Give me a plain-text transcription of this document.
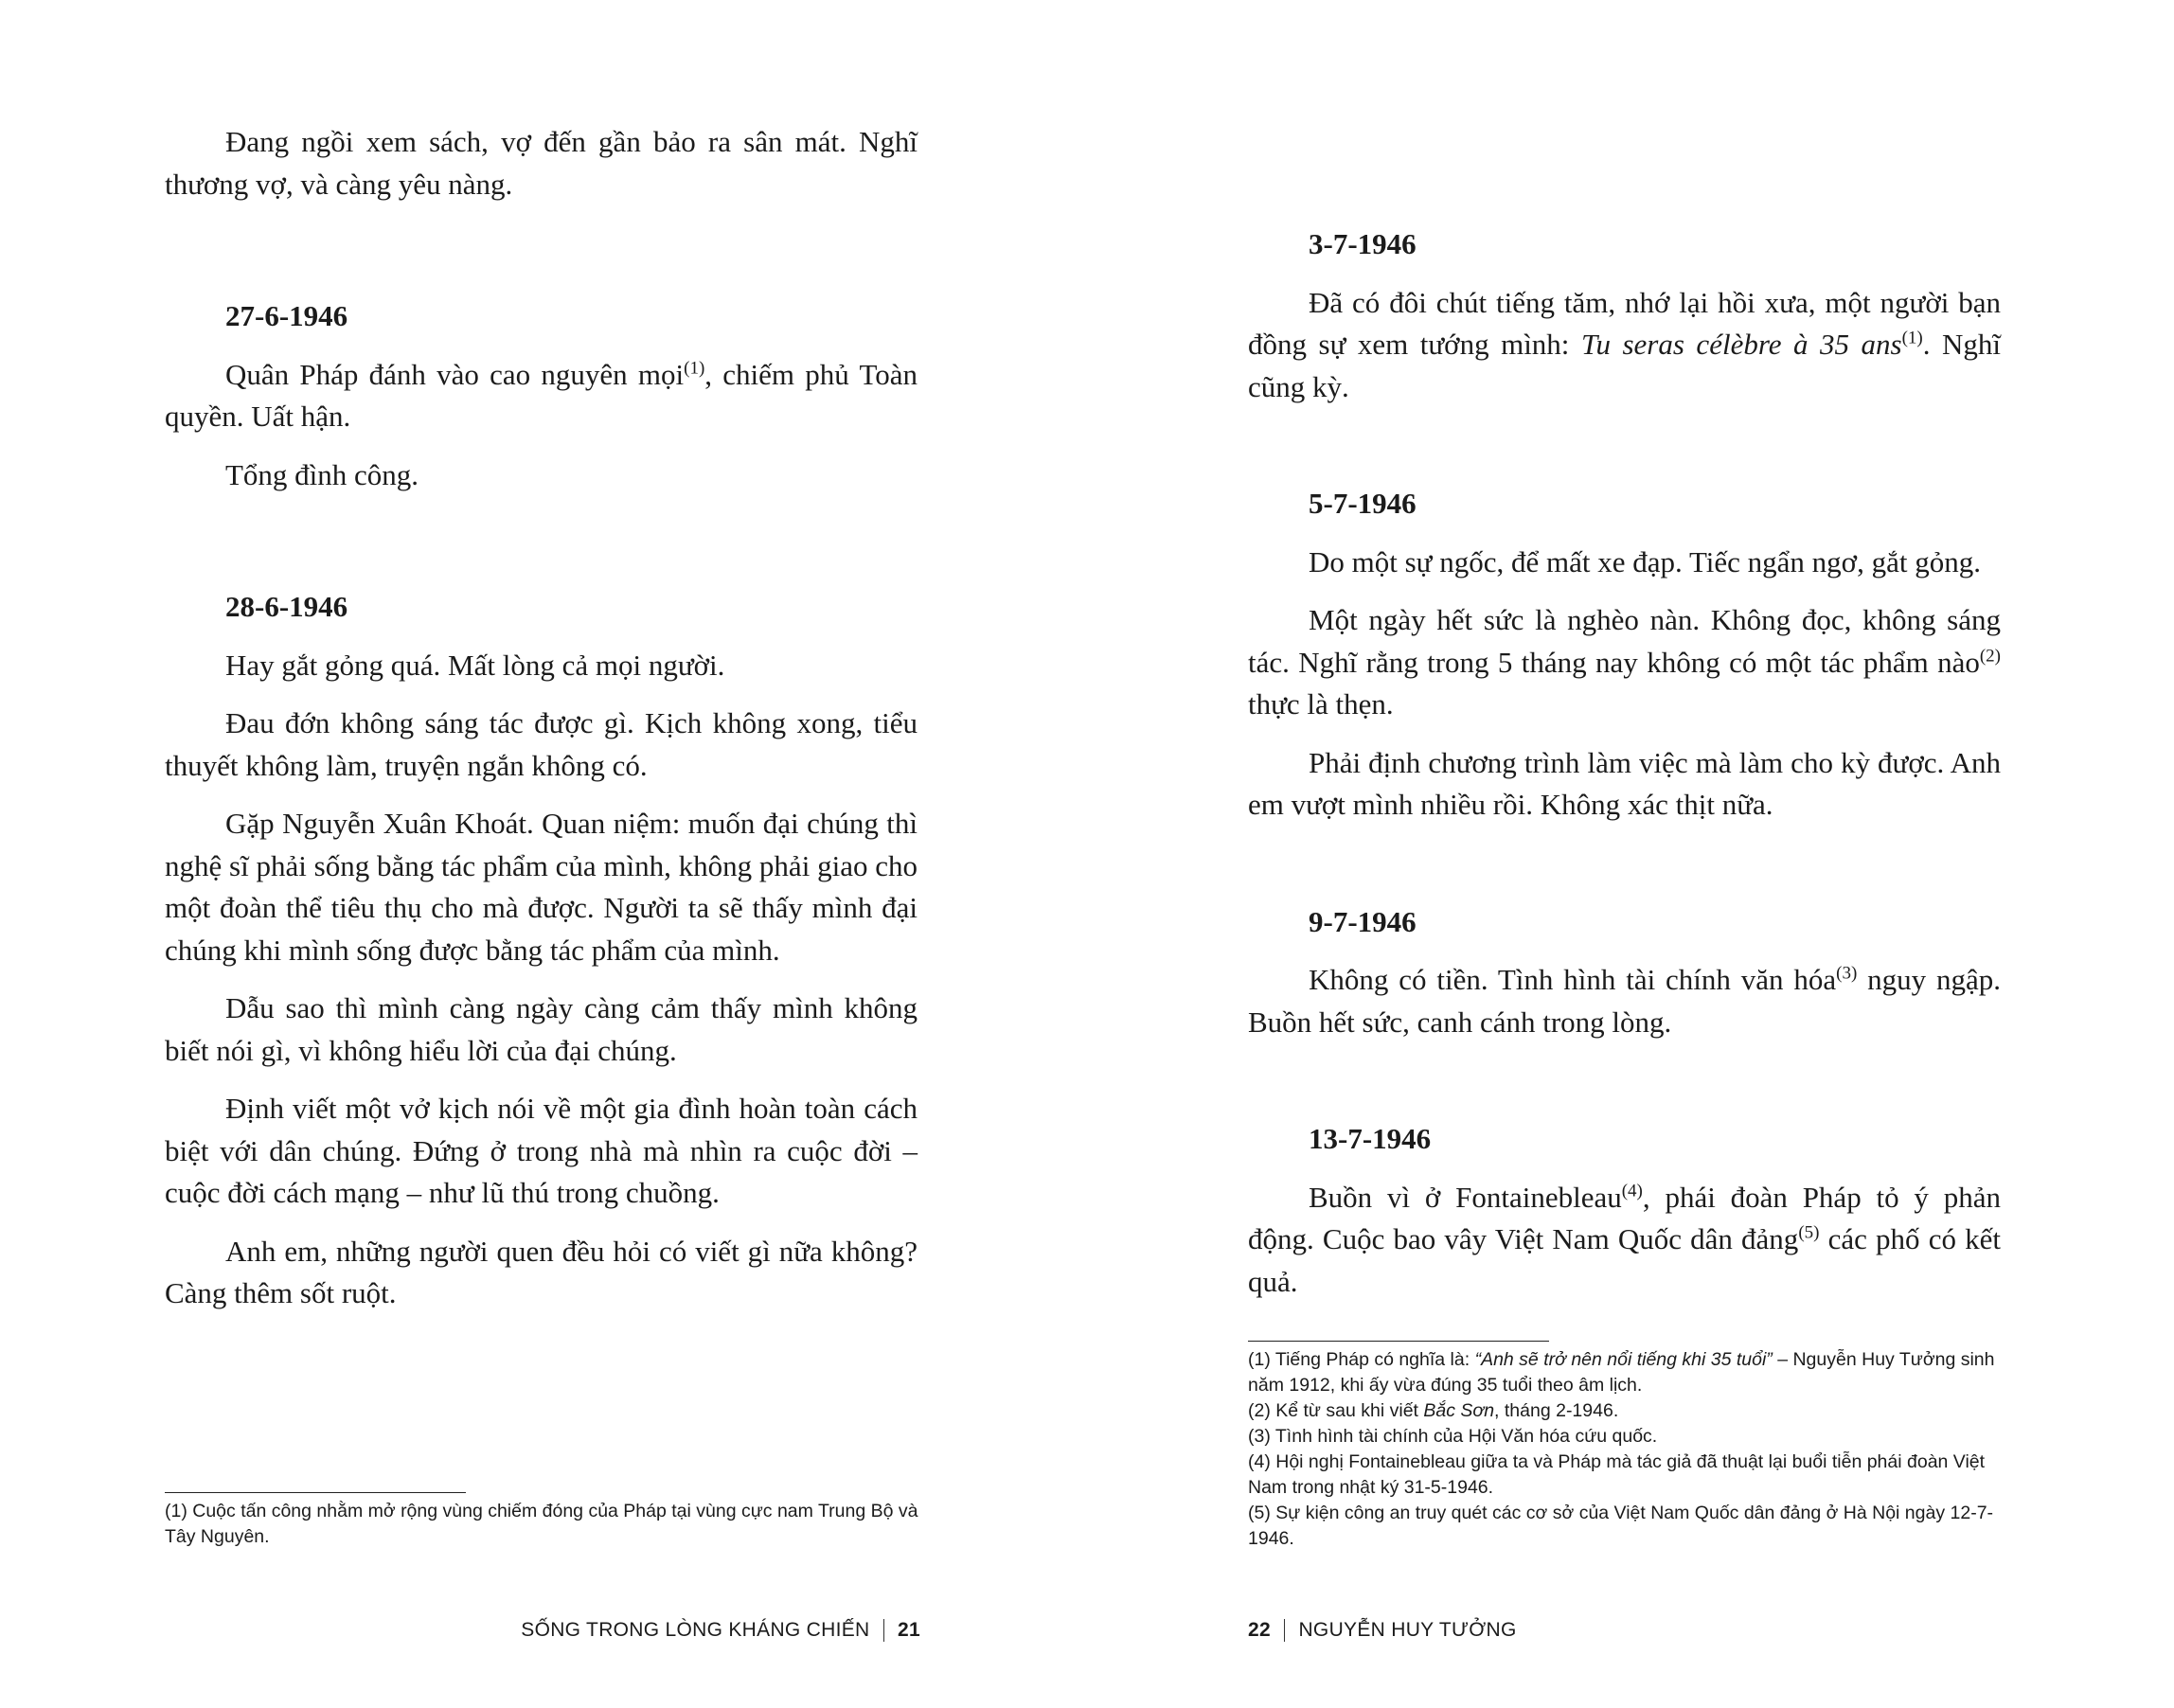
Đang ngồi xem sách, vợ đến gần bảo ra sân mát. Nghĩ thương vợ, và càng yêu nàng.

27-6-1946

Quân Pháp đánh vào cao nguyên mọi$^{(1)}$, chiếm phủ Toàn quyền. Uất hận.

Tổng đình công.

28-6-1946

Hay gắt gỏng quá. Mất lòng cả mọi người.

Đau đớn không sáng tác được gì. Kịch không xong, tiểu thuyết không làm, truyện ngắn không có.

Gặp Nguyễn Xuân Khoát. Quan niệm: muốn đại chúng thì nghệ sĩ phải sống bằng tác phẩm của mình, không phải giao cho một đoàn thể tiêu thụ cho mà được. Người ta sẽ thấy mình đại chúng khi mình sống được bằng tác phẩm của mình.

Dẫu sao thì mình càng ngày càng cảm thấy mình không biết nói gì, vì không hiểu lời của đại chúng.

Định viết một vở kịch nói về một gia đình hoàn toàn cách biệt với dân chúng. Đứng ở trong nhà mà nhìn ra cuộc đời – cuộc đời cách mạng – như lũ thú trong chuồng.

Anh em, những người quen đều hỏi có viết gì nữa không? Càng thêm sốt ruột.

(1) Cuộc tấn công nhằm mở rộng vùng chiếm đóng của Pháp tại vùng cực nam Trung Bộ và Tây Nguyên.
SỐNG TRONG LÒNG KHÁNG CHIẾN 21
3-7-1946

Đã có đôi chút tiếng tăm, nhớ lại hồi xưa, một người bạn đồng sự xem tướng mình: Tu seras célèbre à 35 ans$^{(1)}$. Nghĩ cũng kỳ.

5-7-1946

Do một sự ngốc, để mất xe đạp. Tiếc ngẩn ngơ, gắt gỏng.

Một ngày hết sức là nghèo nàn. Không đọc, không sáng tác. Nghĩ rằng trong 5 tháng nay không có một tác phẩm nào$^{(2)}$ thực là thẹn.

Phải định chương trình làm việc mà làm cho kỳ được. Anh em vượt mình nhiều rồi. Không xác thịt nữa.

9-7-1946

Không có tiền. Tình hình tài chính văn hóa$^{(3)}$ nguy ngập. Buồn hết sức, canh cánh trong lòng.

13-7-1946

Buồn vì ở Fontainebleau$^{(4)}$, phái đoàn Pháp tỏ ý phản động. Cuộc bao vây Việt Nam Quốc dân đảng$^{(5)}$ các phố có kết quả.

(1) Tiếng Pháp có nghĩa là: “Anh sẽ trở nên nổi tiếng khi 35 tuổi” – Nguyễn Huy Tưởng sinh năm 1912, khi ấy vừa đúng 35 tuổi theo âm lịch.
(2) Kể từ sau khi viết Bắc Sơn, tháng 2-1946.
(3) Tình hình tài chính của Hội Văn hóa cứu quốc.
(4) Hội nghị Fontainebleau giữa ta và Pháp mà tác giả đã thuật lại buổi tiễn phái đoàn Việt Nam trong nhật ký 31-5-1946.
(5) Sự kiện công an truy quét các cơ sở của Việt Nam Quốc dân đảng ở Hà Nội ngày 12-7-1946.
22 NGUYỄN HUY TƯỞNG
